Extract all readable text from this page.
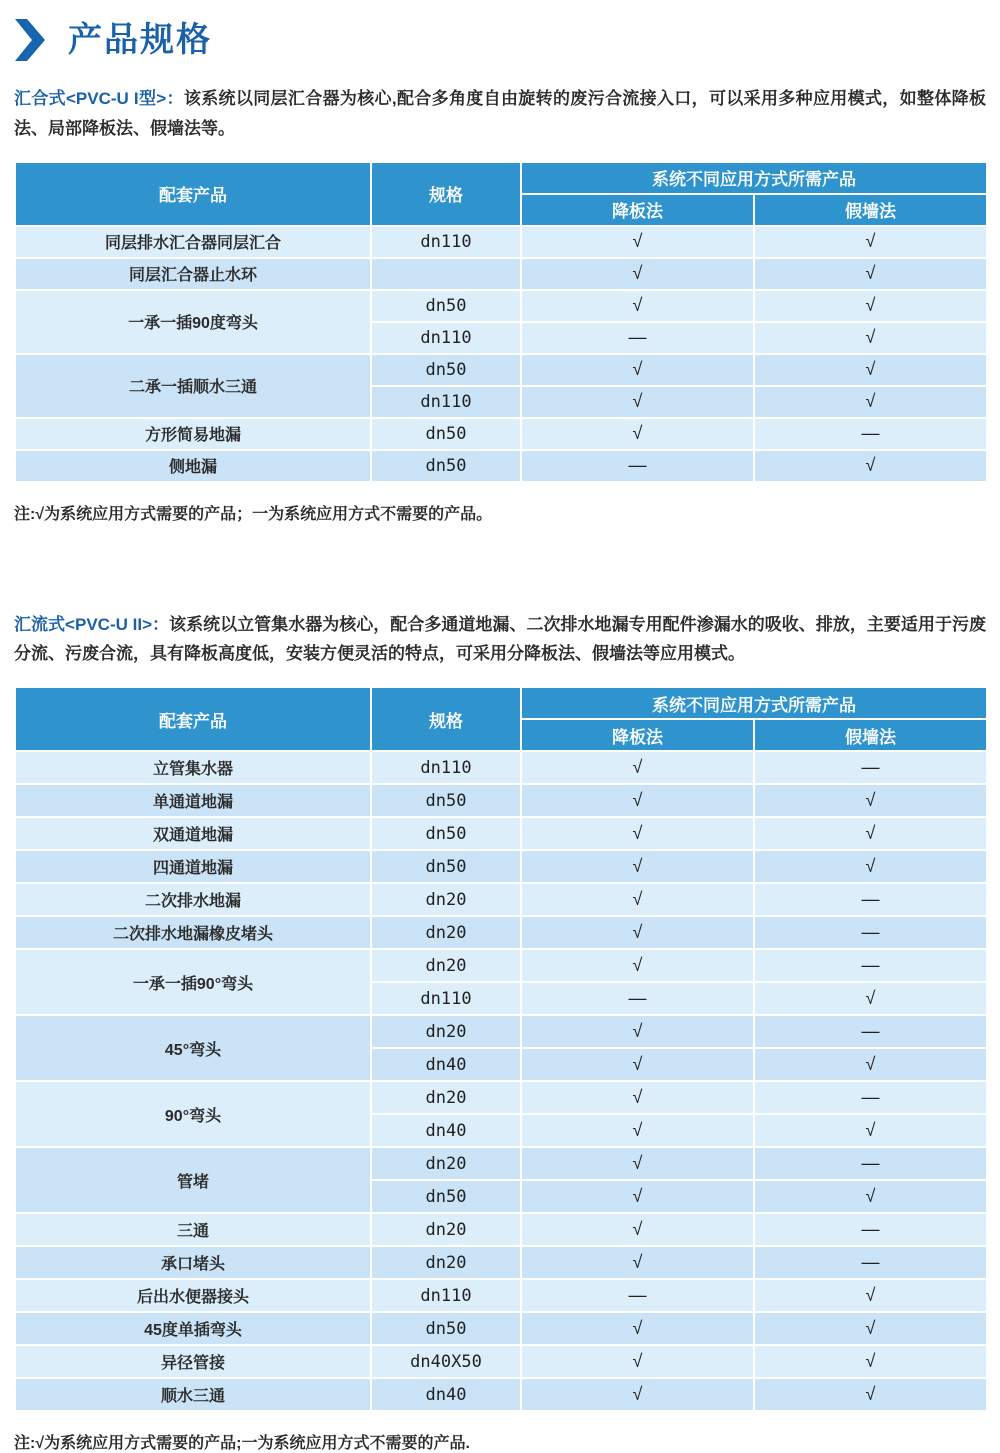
产品规格

汇合式<PVC-U I型>：该系统以同层汇合器为核心,配合多角度自由旋转的废污合流接入口，可以采用多种应用模式，如整体降板法、局部降板法、假墙法等。

配套产品	规格	系统不同应用方式所需产品	
		降板法	假墙法
同层排水汇合器同层汇合	dn110	√	√
同层汇合器止水环		√	√
一承一插90度弯头	dn50	√	√
	dn110	—	√
二承一插顺水三通	dn50	√	√
	dn110	√	√
方形简易地漏	dn50	√	—
侧地漏	dn50	—	√

注:√为系统应用方式需要的产品；一为系统应用方式不需要的产品。

汇流式<PVC-U II>：该系统以立管集水器为核心，配合多通道地漏、二次排水地漏专用配件渗漏水的吸收、排放，主要适用于污废分流、污废合流，具有降板高度低，安装方便灵活的特点，可采用分降板法、假墙法等应用模式。

配套产品	规格	系统不同应用方式所需产品	
		降板法	假墙法
立管集水器	dn110	√	—
单通道地漏	dn50	√	√
双通道地漏	dn50	√	√
四通道地漏	dn50	√	√
二次排水地漏	dn20	√	—
二次排水地漏橡皮堵头	dn20	√	—
一承一插90°弯头	dn20	√	—
	dn110	—	√
45°弯头	dn20	√	—
	dn40	√	√
90°弯头	dn20	√	—
	dn40	√	√
管堵	dn20	√	—
	dn50	√	√
三通	dn20	√	—
承口堵头	dn20	√	—
后出水便器接头	dn110	—	√
45度单插弯头	dn50	√	√
异径管接	dn40X50	√	√
顺水三通	dn40	√	√

注:√为系统应用方式需要的产品;一为系统应用方式不需要的产品.
